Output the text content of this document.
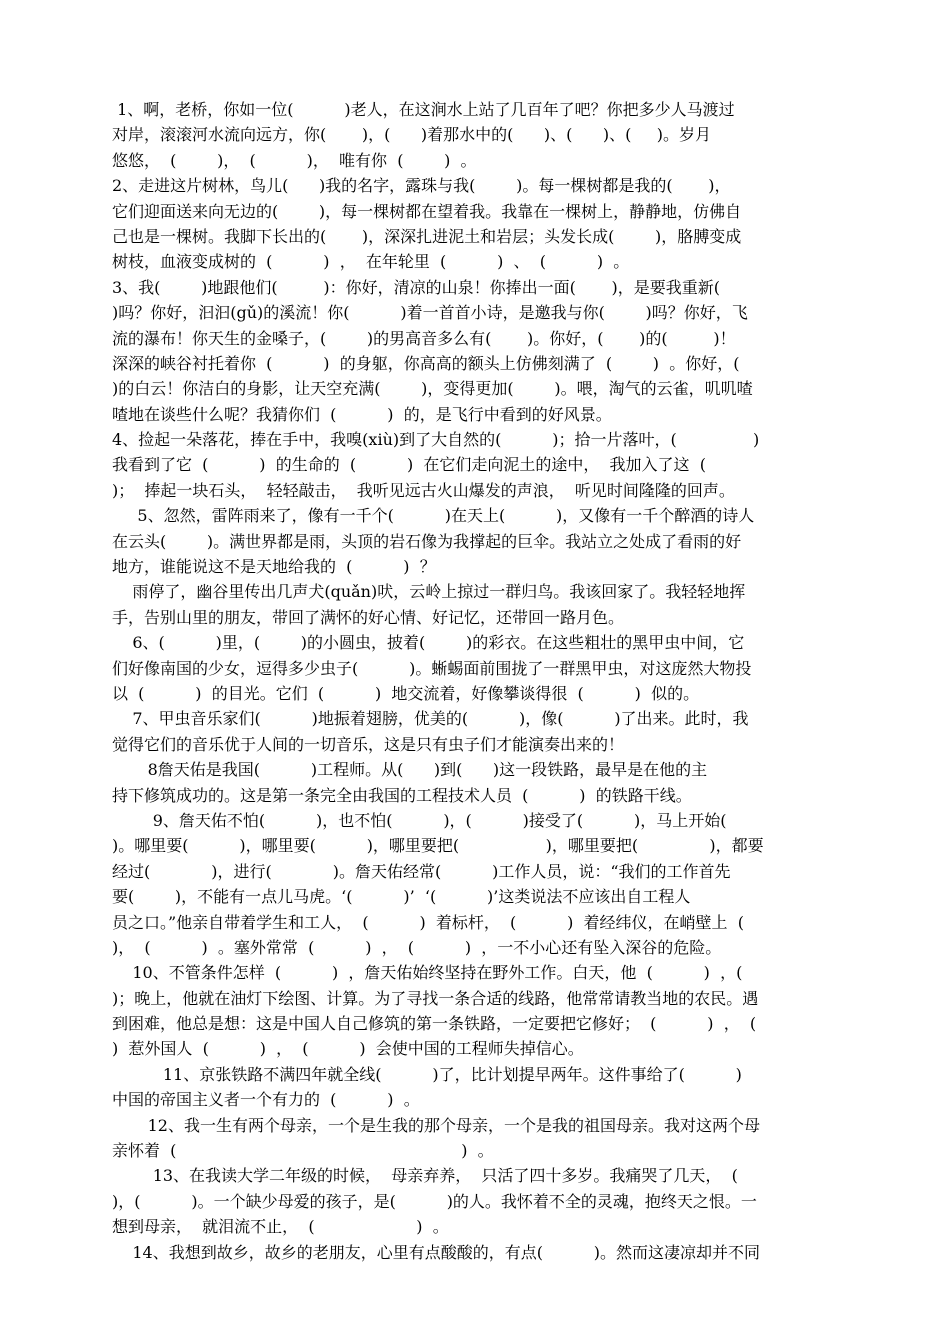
1、啊，老桥，你如一位(          )老人，在这涧水上站了几百年了吧？你把多少人马渡过
对岸，滚滚河水流向远方，你(       )，(      )着那水中的(      )、(      )、(     )。岁月
悠悠，  (        )，  (          )，  唯有你  (        )  。
2、走进这片树林，鸟儿(      )我的名字，露珠与我(        )。每一棵树都是我的(       )，
它们迎面送来向无边的(        )，每一棵树都在望着我。我靠在一棵树上，静静地，仿佛自
己也是一棵树。我脚下长出的(       )，深深扎进泥土和岩层；头发长成(        )，胳膊变成
树枝，血液变成树的  (          )  ，  在年轮里  (          )  、  (          )  。
3、我(        )地跟他们(         )：你好，清凉的山泉！你捧出一面(       )，是要我重新(
)吗？你好，汩汩(gǔ)的溪流！你(          )着一首首小诗，是邀我与你(        )吗？你好，飞
流的瀑布！你天生的金嗓子，(        )的男高音多么有(       )。你好，(       )的(         )！
深深的峡谷衬托着你  (          )  的身躯，你高高的额头上仿佛刻满了  (        )  。你好，(
)的白云！你洁白的身影，让天空充满(        )，变得更加(        )。喂，淘气的云雀，叽叽喳
喳地在谈些什么呢？我猜你们  (          )  的，是飞行中看到的好风景。
4、捡起一朵落花，捧在手中，我嗅(xiù)到了大自然的(          )；拾一片落叶，(               )
我看到了它  (          )  的生命的  (          )  在它们走向泥土的途中，  我加入了这  (
)；  捧起一块石头，  轻轻敲击，  我听见远古火山爆发的声浪，  听见时间隆隆的回声。
5、忽然，雷阵雨来了，像有一千个(          )在天上(          )，又像有一千个醉酒的诗人
在云头(        )。满世界都是雨，头顶的岩石像为我撑起的巨伞。我站立之处成了看雨的好
地方，谁能说这不是天地给我的  (          )  ？
雨停了，幽谷里传出几声犬(quǎn)吠，云岭上掠过一群归鸟。我该回家了。我轻轻地挥
手，告别山里的朋友，带回了满怀的好心情、好记忆，还带回一路月色。
6、(          )里，(        )的小圆虫，披着(        )的彩衣。在这些粗壮的黑甲虫中间，它
们好像南国的少女，逗得多少虫子(          )。蜥蜴面前围拢了一群黑甲虫，对这庞然大物投
以  (          )  的目光。它们  (          )  地交流着，好像攀谈得很  (          )  似的。
7、甲虫音乐家们(          )地振着翅膀，优美的(          )，像(          )了出来。此时，我
觉得它们的音乐优于人间的一切音乐，这是只有虫子们才能演奏出来的！
8詹天佑是我国(          )工程师。从(      )到(      )这一段铁路，最早是在他的主
持下修筑成功的。这是第一条完全由我国的工程技术人员  (          )  的铁路干线。
9、詹天佑不怕(          )，也不怕(          )，(          )接受了(          )，马上开始(
)。哪里要(          )，哪里要(          )，哪里要把(                 )，哪里要把(              )，都要
经过(            )，进行(            )。詹天佑经常(          )工作人员，说：“我们的工作首先
要(        )，不能有一点儿马虎。‘(          )’  ‘(          )’这类说法不应该出自工程人
员之口。”他亲自带着学生和工人，  (          )  着标杆，  (          )  着经纬仪，在峭壁上  (
)，  (          )  。塞外常常  (          )  ，  (          )  ，一不小心还有坠入深谷的危险。
10、不管条件怎样  (          )  ，詹天佑始终坚持在野外工作。白天，他  (          )  ，(
)；晚上，他就在油灯下绘图、计算。为了寻找一条合适的线路，他常常请教当地的农民。遇
到困难，他总是想：这是中国人自己修筑的第一条铁路，一定要把它修好；  (          )  ，  (
)  惹外国人  (          )  ，  (          )  会使中国的工程师失掉信心。
11、京张铁路不满四年就全线(          )了，比计划提早两年。这件事给了(          )
中国的帝国主义者一个有力的  (          )  。
12、我一生有两个母亲，一个是生我的那个母亲，一个是我的祖国母亲。我对这两个母
亲怀着  (                                                        )  。
13、在我读大学二年级的时候，  母亲弃养，  只活了四十多岁。我痛哭了几天，  (
)，(          )。一个缺少母爱的孩子，是(          )的人。我怀着不全的灵魂，抱终天之恨。一
想到母亲，  就泪流不止，  (                    )  。
14、我想到故乡，故乡的老朋友，心里有点酸酸的，有点(          )。然而这凄凉却并不同
